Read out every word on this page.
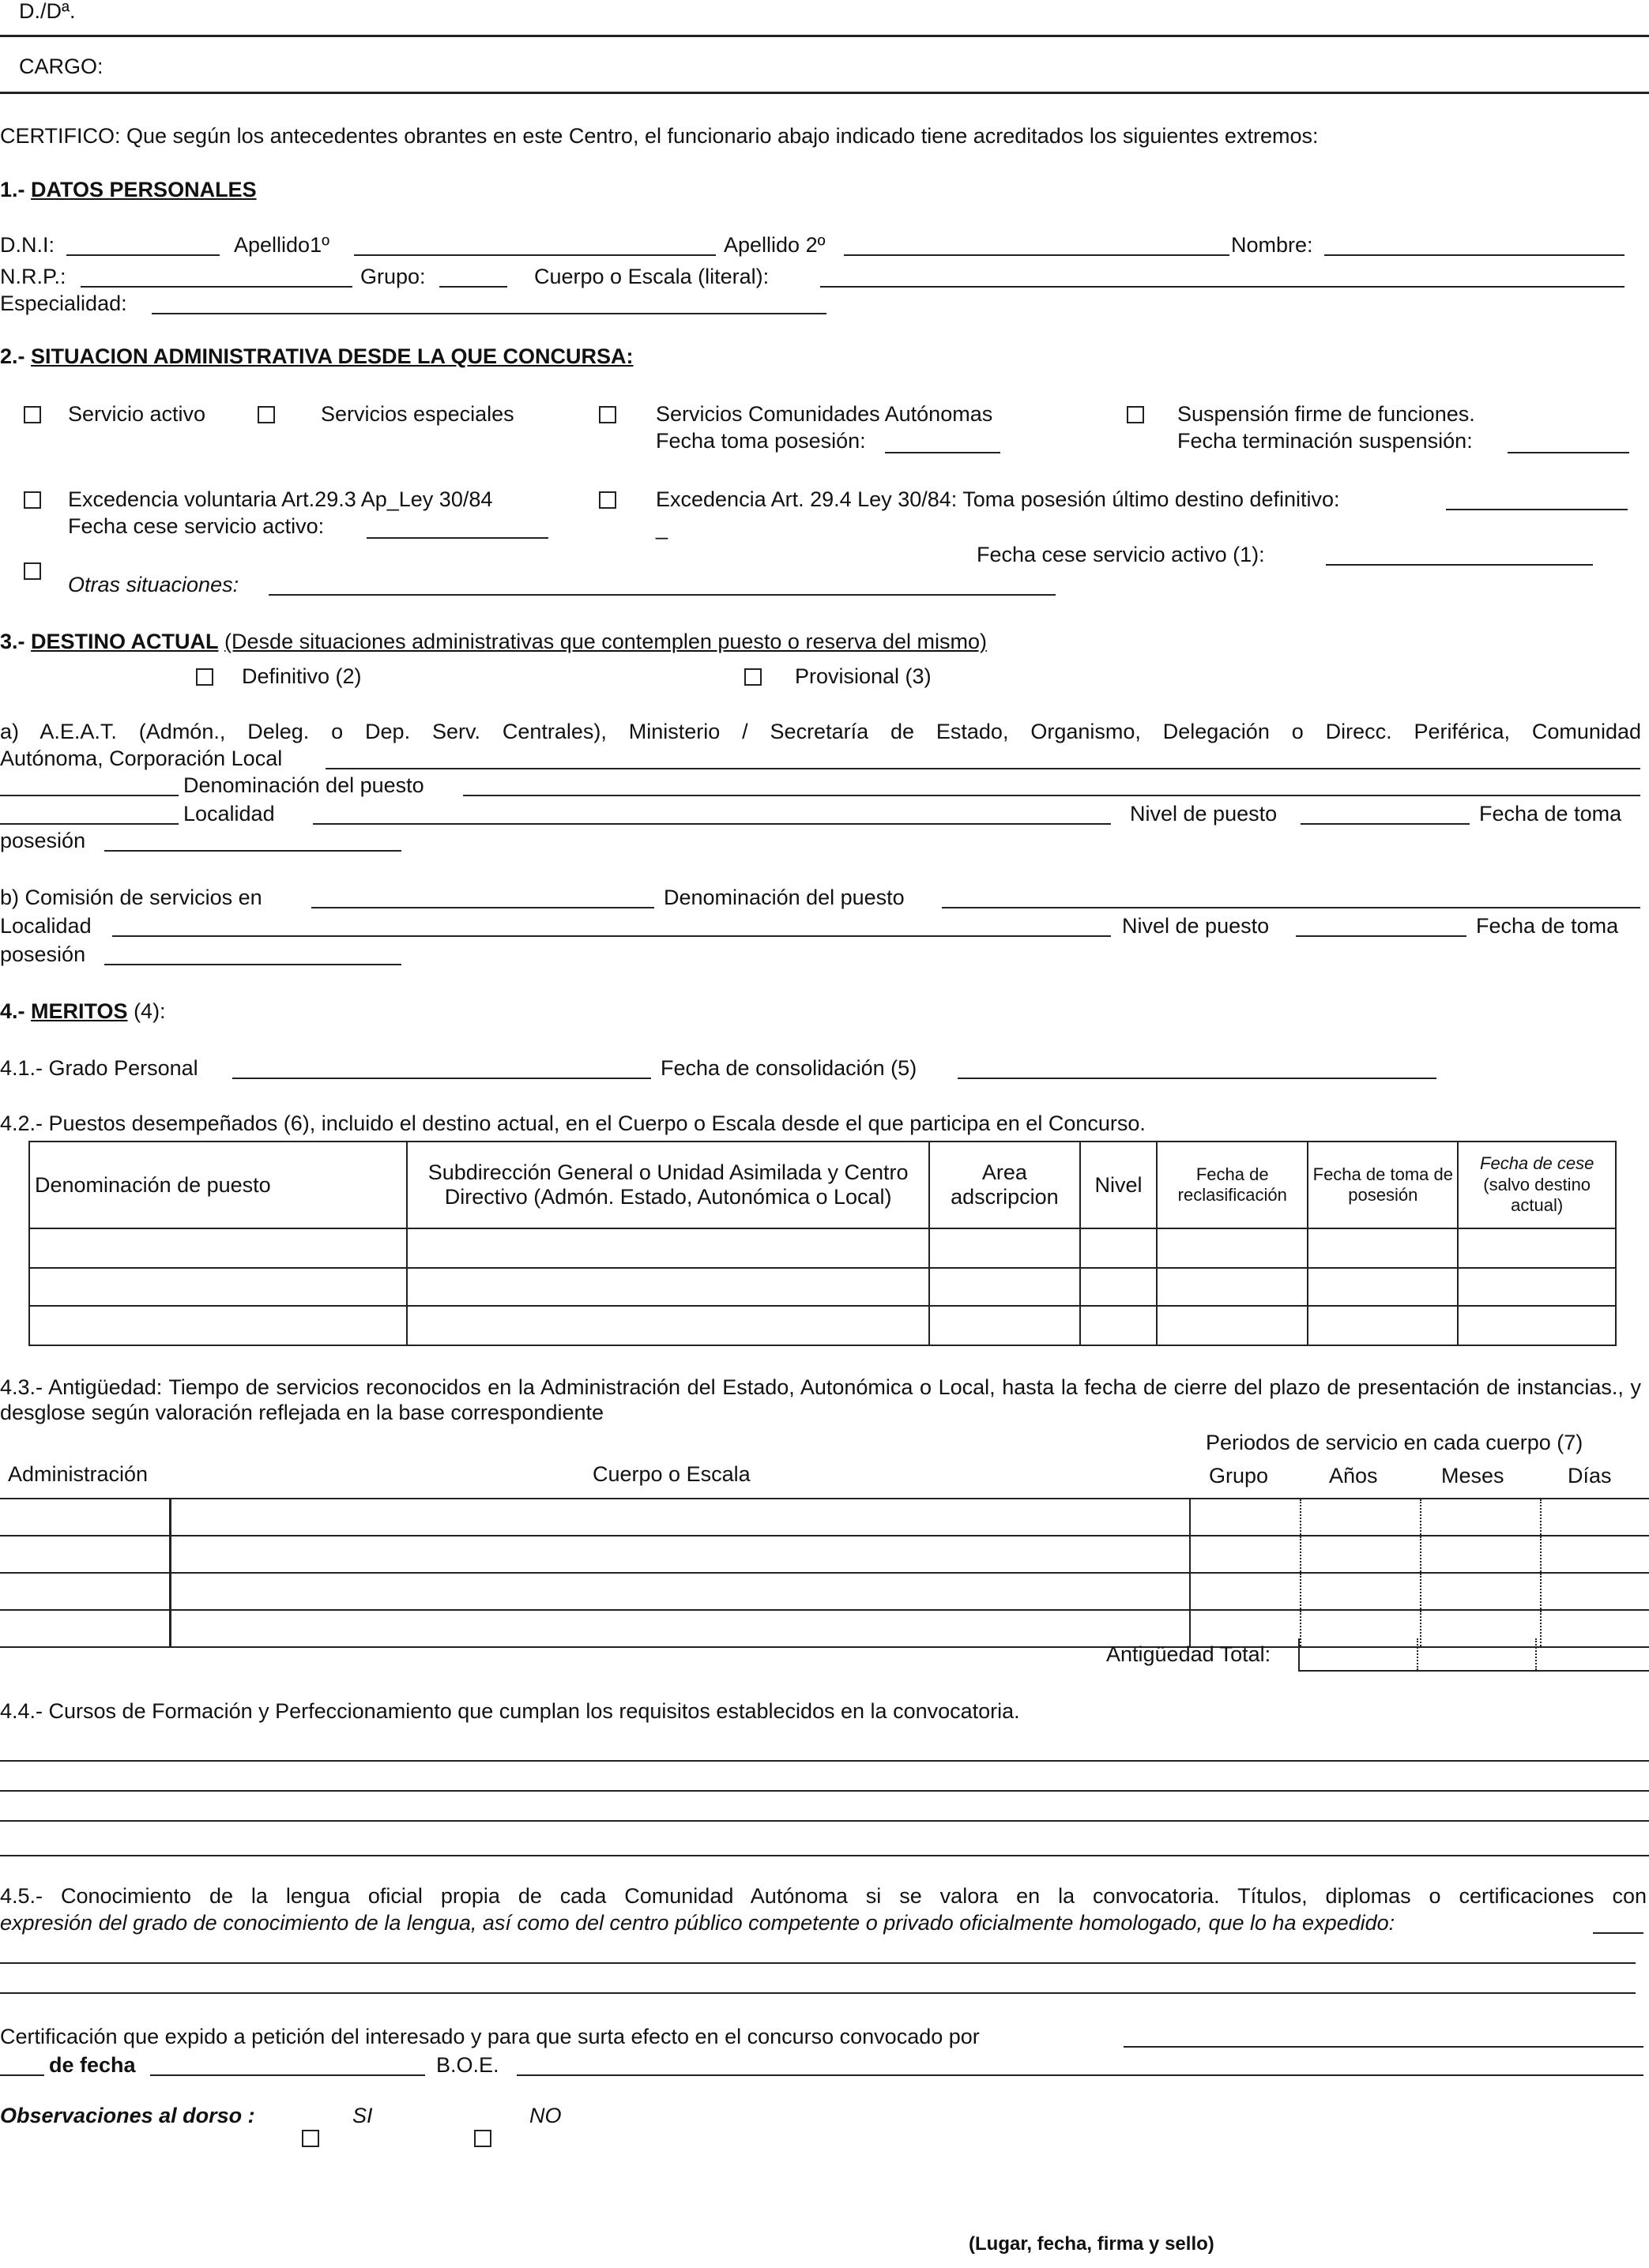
D./Dª.
CARGO:
CERTIFICO: Que según los antecedentes obrantes en este Centro, el funcionario abajo indicado tiene acreditados los siguientes extremos:
1.- DATOS PERSONALES
D.N.I:	Apellido1º	Apellido 2º	Nombre:
N.R.P.:	Grupo:	Cuerpo o Escala (literal):
Especialidad:
2.- SITUACION ADMINISTRATIVA DESDE LA QUE CONCURSA:
Servicio activo	Servicios especiales	Servicios Comunidades Autónomas
Fecha toma posesión:
Suspensión firme de funciones.
Fecha terminación suspensión:
Excedencia voluntaria Art.29.3 Ap_Ley 30/84
Fecha cese servicio activo:
Excedencia Art. 29.4 Ley 30/84: Toma posesión último destino definitivo:
_
Fecha cese servicio activo (1):
Otras situaciones:
3.- DESTINO ACTUAL (Desde situaciones administrativas que contemplen puesto o reserva del mismo)
Definitivo (2)	Provisional (3)
a) A.E.A.T. (Admón., Deleg. o Dep. Serv. Centrales), Ministerio / Secretaría de Estado, Organismo, Delegación o Direcc. Periférica, Comunidad
Autónoma, Corporación Local
Denominación del puesto
Localidad	Nivel de puesto	Fecha de toma
posesión
b) Comisión de servicios en	Denominación del puesto
Localidad	Nivel de puesto	Fecha de toma
posesión
4.- MERITOS (4):
4.1.- Grado Personal	Fecha de consolidación (5)
4.2.- Puestos desempeñados (6), incluido el destino actual, en el Cuerpo o Escala desde el que participa en el Concurso.
Denominación de puesto	Subdirección General o Unidad Asimilada y Centro Directivo (Admón. Estado, Autonómica o Local)	Area adscripcion	Nivel	Fecha de reclasificación	Fecha de toma de posesión	Fecha de cese
(salvo destino actual)

4.3.- Antigüedad: Tiempo de servicios reconocidos en la Administración del Estado, Autonómica o Local, hasta la fecha de cierre del plazo de presentación de instancias., y desglose según valoración reflejada en la base correspondiente
Periodos de servicio en cada cuerpo (7)
Administración	Cuerpo o Escala	Grupo	Años	Meses	Días

Antigüedad Total:
4.4.- Cursos de Formación y Perfeccionamiento que cumplan los requisitos establecidos en la convocatoria.
4.5.- Conocimiento de la lengua oficial propia de cada Comunidad Autónoma si se valora en la convocatoria. Títulos, diplomas o certificaciones con
expresión del grado de conocimiento de la lengua, así como del centro público competente o privado oficialmente homologado, que lo ha expedido:
Certificación que expido a petición del interesado y para que surta efecto en el concurso convocado por
de fecha	B.O.E.
Observaciones al dorso :	SI	NO
(Lugar, fecha, firma y sello)
